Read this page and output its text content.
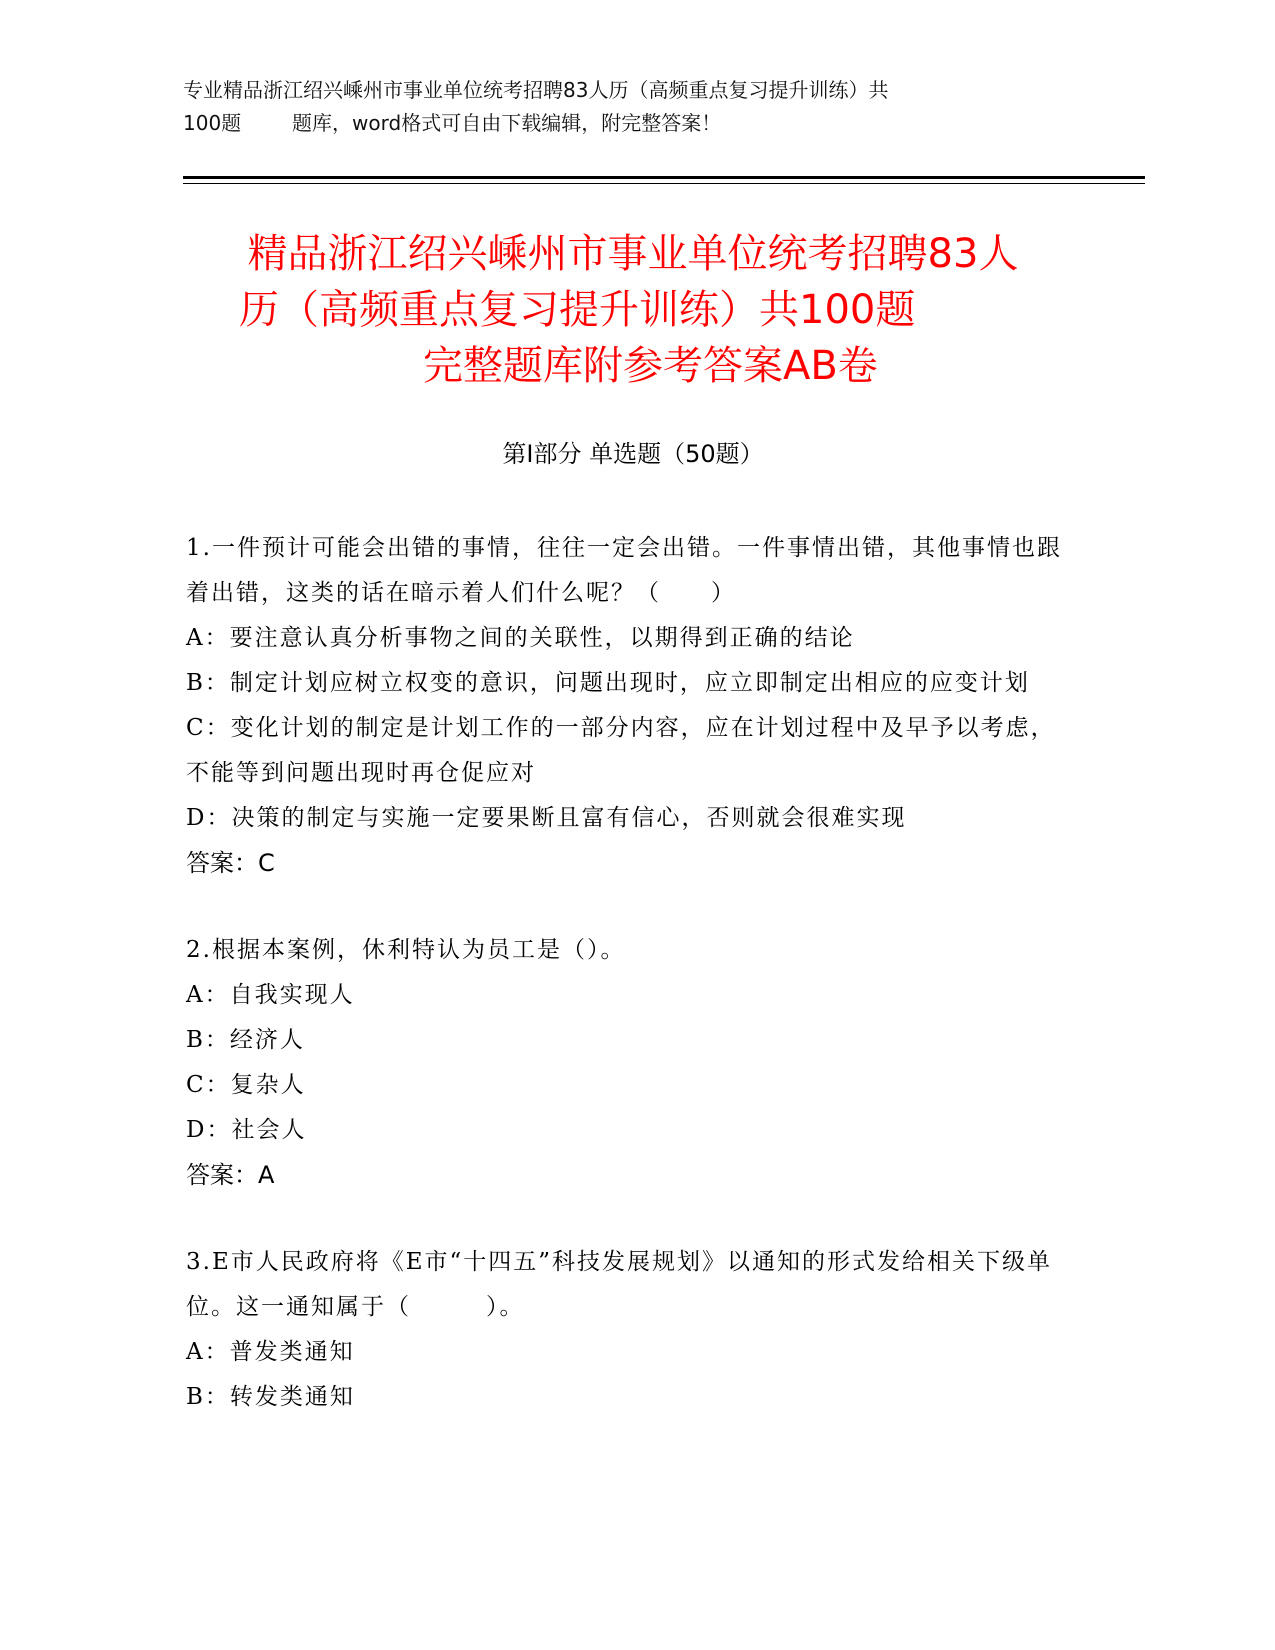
专业精品浙江绍兴嵊州市事业单位统考招聘83人历（高频重点复习提升训练）共
100题        题库，word格式可自由下载编辑，附完整答案！
精品浙江绍兴嵊州市事业单位统考招聘83人
历（高频重点复习提升训练）共100题
完整题库附参考答案AB卷
第Ⅰ部分 单选题（50题）

1.一件预计可能会出错的事情，往往一定会出错。一件事情出错，其他事情也跟着出错，这类的话在暗示着人们什么呢？（　　）

A：要注意认真分析事物之间的关联性，以期得到正确的结论

B：制定计划应树立权变的意识，问题出现时，应立即制定出相应的应变计划

C：变化计划的制定是计划工作的一部分内容，应在计划过程中及早予以考虑，不能等到问题出现时再仓促应对

D：决策的制定与实施一定要果断且富有信心，否则就会很难实现

答案：C

2.根据本案例，休利特认为员工是（）。

A：自我实现人

B：经济人

C：复杂人

D：社会人

答案：A

3.E市人民政府将《E市“十四五”科技发展规划》以通知的形式发给相关下级单位。这一通知属于（　　　）。

A：普发类通知

B：转发类通知
